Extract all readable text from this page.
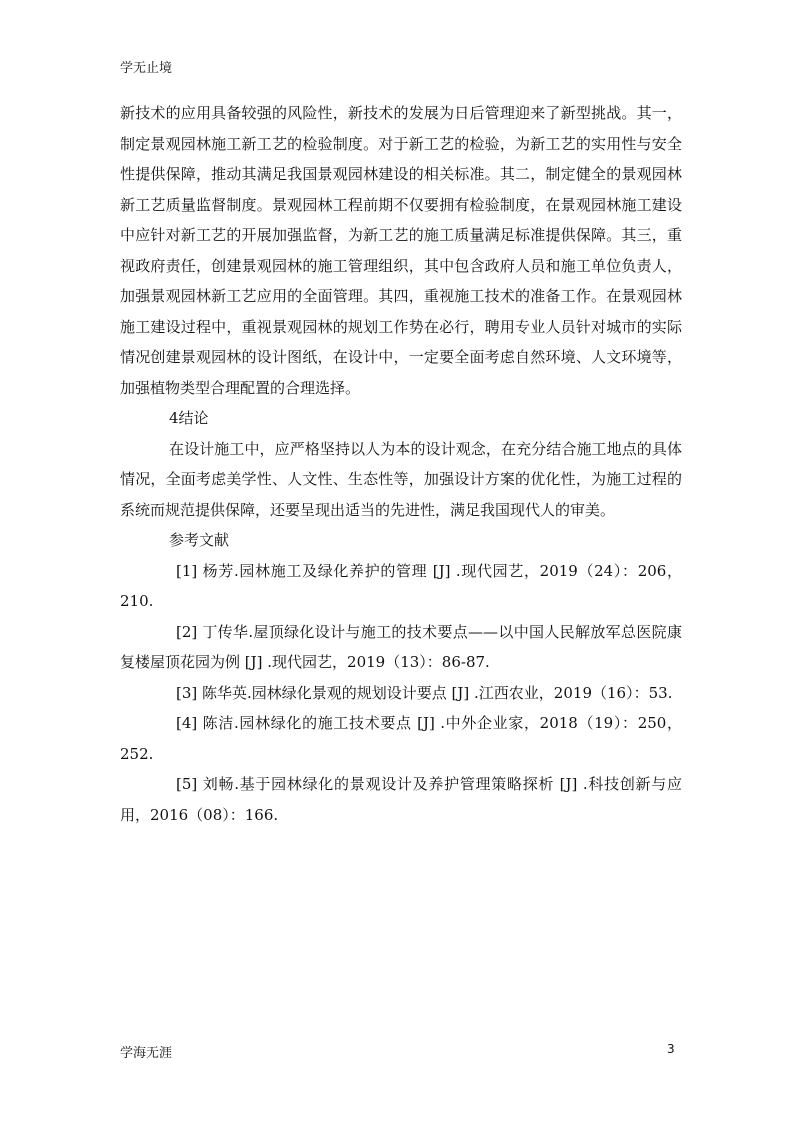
学无止境

新技术的应用具备较强的风险性，新技术的发展为日后管理迎来了新型挑战。其一，制定景观园林施工新工艺的检验制度。对于新工艺的检验，为新工艺的实用性与安全性提供保障，推动其满足我国景观园林建设的相关标准。其二，制定健全的景观园林新工艺质量监督制度。景观园林工程前期不仅要拥有检验制度，在景观园林施工建设中应针对新工艺的开展加强监督，为新工艺的施工质量满足标准提供保障。其三，重视政府责任，创建景观园林的施工管理组织，其中包含政府人员和施工单位负责人，加强景观园林新工艺应用的全面管理。其四，重视施工技术的准备工作。在景观园林施工建设过程中，重视景观园林的规划工作势在必行，聘用专业人员针对城市的实际情况创建景观园林的设计图纸，在设计中，一定要全面考虑自然环境、人文环境等，加强植物类型合理配置的合理选择。

4结论

在设计施工中，应严格坚持以人为本的设计观念，在充分结合施工地点的具体情况，全面考虑美学性、人文性、生态性等，加强设计方案的优化性，为施工过程的系统而规范提供保障，还要呈现出适当的先进性，满足我国现代人的审美。

参考文献

[1] 杨芳.园林施工及绿化养护的管理 [J] .现代园艺，2019（24）：206，210.

[2] 丁传华.屋顶绿化设计与施工的技术要点——以中国人民解放军总医院康复楼屋顶花园为例 [J] .现代园艺，2019（13）：86-87.

[3] 陈华英.园林绿化景观的规划设计要点 [J] .江西农业，2019（16）：53.

[4] 陈洁.园林绿化的施工技术要点 [J] .中外企业家，2018（19）：250，252.

[5] 刘畅.基于园林绿化的景观设计及养护管理策略探析 [J] .科技创新与应用，2016（08）：166.

学海无涯	3
